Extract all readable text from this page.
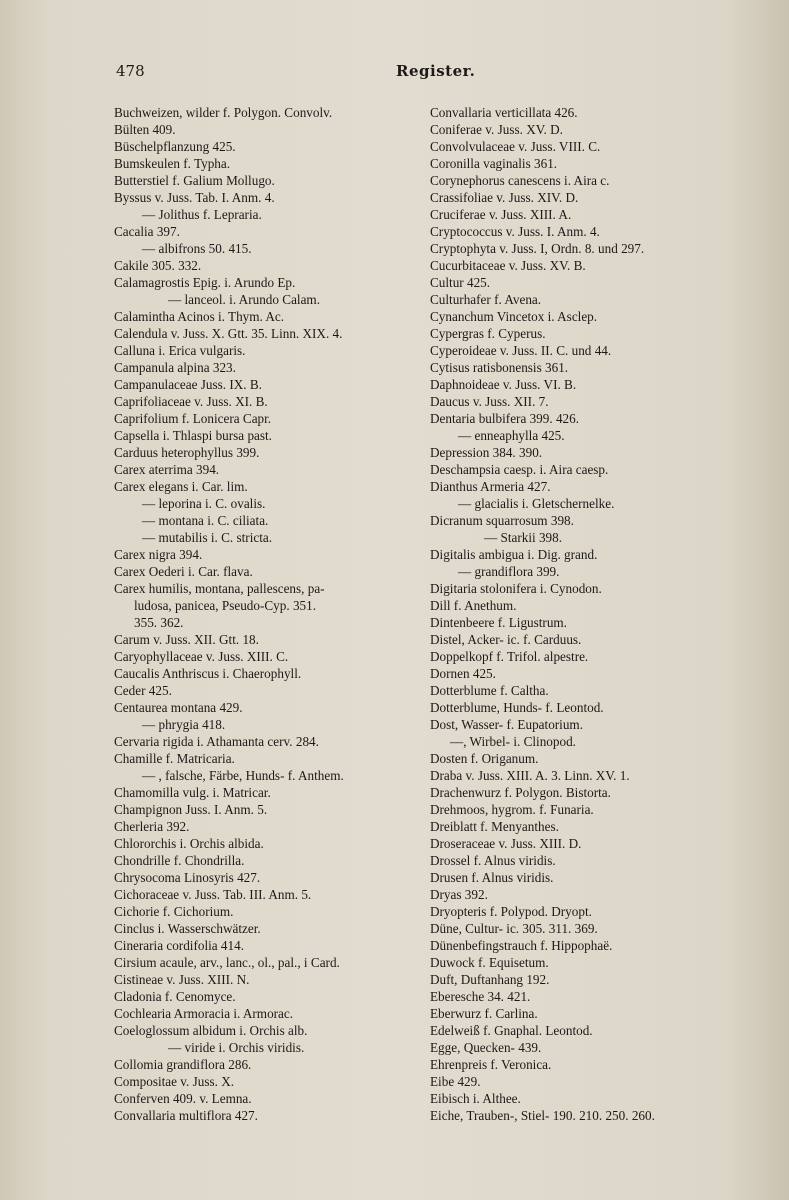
478	Register.
Buchweizen, wilder f. Polygon. Convolv.
Bülten 409.
Büschelpflanzung 425.
Bumskeulen f. Typha.
Butterstiel f. Galium Mollugo.
Byssus v. Juss. Tab. I. Anm. 4.
— Jolithus f. Lepraria.
Cacalia 397.
— albifrons 50. 415.
Cakile 305. 332.
Calamagrostis Epig. i. Arundo Ep.
— lanceol. i. Arundo Calam.
Calamintha Acinos i. Thym. Ac.
Calendula v. Juss. X. Gtt. 35. Linn. XIX. 4.
Calluna i. Erica vulgaris.
Campanula alpina 323.
Campanulaceae Juss. IX. B.
Caprifoliaceae v. Juss. XI. B.
Caprifolium f. Lonicera Capr.
Capsella i. Thlaspi bursa past.
Carduus heterophyllus 399.
Carex aterrima 394.
Carex elegans i. Car. lim.
— leporina i. C. ovalis.
— montana i. C. ciliata.
— mutabilis i. C. stricta.
Carex nigra 394.
Carex Oederi i. Car. flava.
Carex humilis, montana, pallescens, pa-
ludosa, panicea, Pseudo-Cyp. 351.
355. 362.
Carum v. Juss. XII. Gtt. 18.
Caryophyllaceae v. Juss. XIII. C.
Caucalis Anthriscus i. Chaerophyll.
Ceder 425.
Centaurea montana 429.
— phrygia 418.
Cervaria rigida i. Athamanta cerv. 284.
Chamille f. Matricaria.
— , falsche, Färbe, Hunds- f. Anthem.
Chamomilla vulg. i. Matricar.
Champignon Juss. I. Anm. 5.
Cherleria 392.
Chlororchis i. Orchis albida.
Chondrille f. Chondrilla.
Chrysocoma Linosyris 427.
Cichoraceae v. Juss. Tab. III. Anm. 5.
Cichorie f. Cichorium.
Cinclus i. Wasserschwätzer.
Cineraria cordifolia 414.
Cirsium acaule, arv., lanc., ol., pal., i Card.
Cistineae v. Juss. XIII. N.
Cladonia f. Cenomyce.
Cochlearia Armoracia i. Armorac.
Coeloglossum albidum i. Orchis alb.
— viride i. Orchis viridis.
Collomia grandiflora 286.
Compositae v. Juss. X.
Conferven 409. v. Lemna.
Convallaria multiflora 427.
Convallaria verticillata 426.
Coniferae v. Juss. XV. D.
Convolvulaceae v. Juss. VIII. C.
Coronilla vaginalis 361.
Corynephorus canescens i. Aira c.
Crassifoliae v. Juss. XIV. D.
Cruciferae v. Juss. XIII. A.
Cryptococcus v. Juss. I. Anm. 4.
Cryptophyta v. Juss. I, Ordn. 8. und 297.
Cucurbitaceae v. Juss. XV. B.
Cultur 425.
Culturhafer f. Avena.
Cynanchum Vincetox i. Asclep.
Cypergras f. Cyperus.
Cyperoideae v. Juss. II. C. und 44.
Cytisus ratisbonensis 361.
Daphnoideae v. Juss. VI. B.
Daucus v. Juss. XII. 7.
Dentaria bulbifera 399. 426.
— enneaphylla 425.
Depression 384. 390.
Deschampsia caesp. i. Aira caesp.
Dianthus Armeria 427.
— glacialis i. Gletschernelke.
Dicranum squarrosum 398.
— Starkii 398.
Digitalis ambigua i. Dig. grand.
— grandiflora 399.
Digitaria stolonifera i. Cynodon.
Dill f. Anethum.
Dintenbeere f. Ligustrum.
Distel, Acker- ic. f. Carduus.
Doppelkopf f. Trifol. alpestre.
Dornen 425.
Dotterblume f. Caltha.
Dotterblume, Hunds- f. Leontod.
Dost, Wasser- f. Eupatorium.
—, Wirbel- i. Clinopod.
Dosten f. Origanum.
Draba v. Juss. XIII. A. 3. Linn. XV. 1.
Drachenwurz f. Polygon. Bistorta.
Drehmoos, hygrom. f. Funaria.
Dreiblatt f. Menyanthes.
Droseraceae v. Juss. XIII. D.
Drossel f. Alnus viridis.
Drusen f. Alnus viridis.
Dryas 392.
Dryopteris f. Polypod. Dryopt.
Düne, Cultur- ic. 305. 311. 369.
Dünenbefingstrauch f. Hippophaë.
Duwock f. Equisetum.
Duft, Duftanhang 192.
Eberesche 34. 421.
Eberwurz f. Carlina.
Edelweiß f. Gnaphal. Leontod.
Egge, Quecken- 439.
Ehrenpreis f. Veronica.
Eibe 429.
Eibisch i. Althee.
Eiche, Trauben-, Stiel- 190. 210. 250. 260.
